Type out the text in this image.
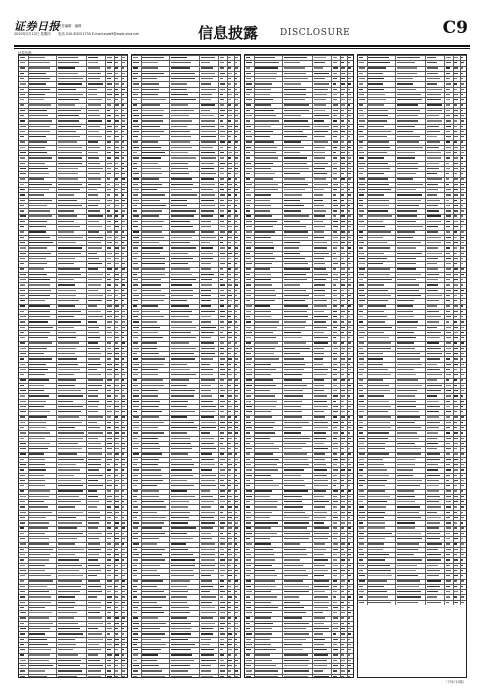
证券日报
责任编辑 · 编辑
2020年2月13日 星期四 电话 010-83251730 E-mail:zqrb9@zqrb.sina.net	信息披露 DISCLOSURE	C9
证券代码
（下转C10版）
